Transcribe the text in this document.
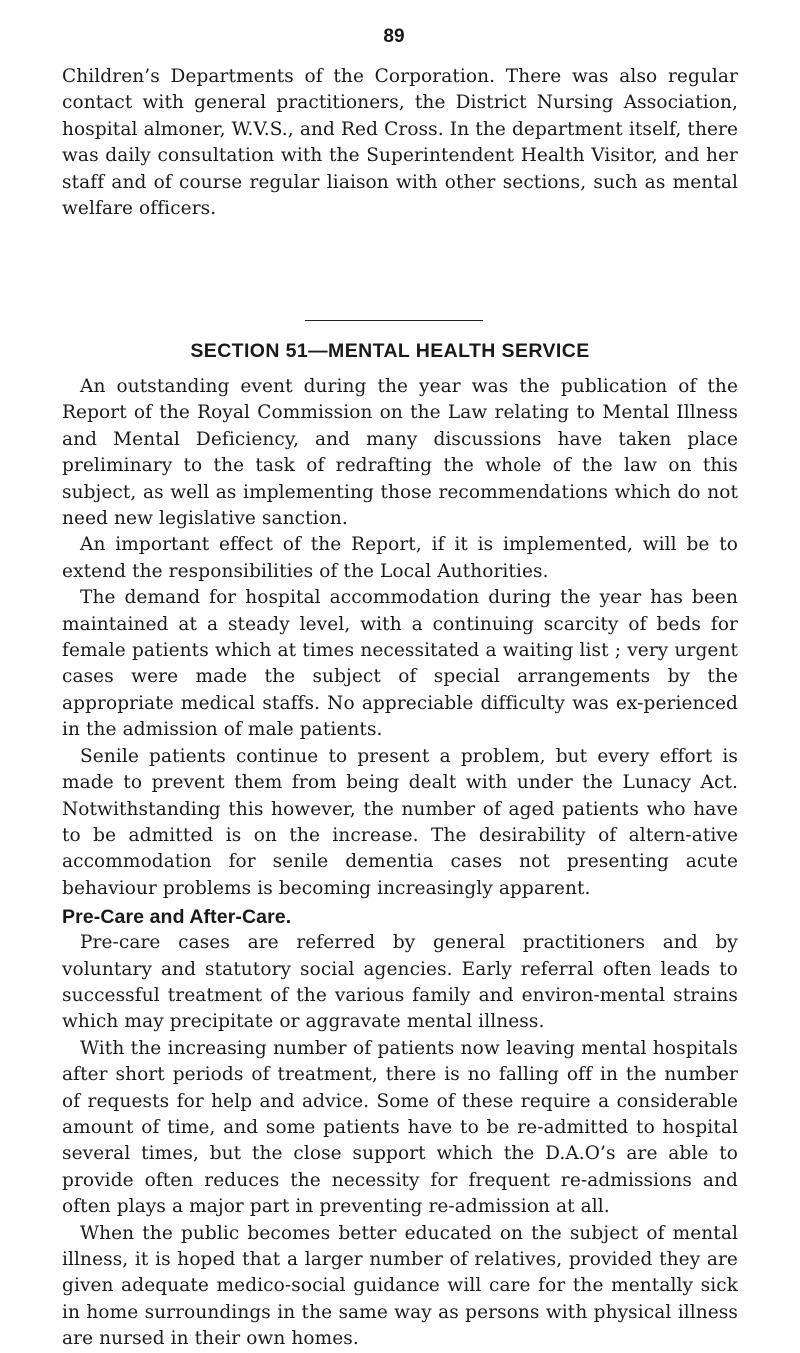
89

Children’s Departments of the Corporation. There was also regular contact with general practitioners, the District Nursing Association, hospital almoner, W.V.S., and Red Cross. In the department itself, there was daily consultation with the Superintendent Health Visitor, and her staff and of course regular liaison with other sections, such as mental welfare officers.

SECTION 51—MENTAL HEALTH SERVICE

An outstanding event during the year was the publication of the Report of the Royal Commission on the Law relating to Mental Illness and Mental Deficiency, and many discussions have taken place preliminary to the task of redrafting the whole of the law on this subject, as well as implementing those recommendations which do not need new legislative sanction.

An important effect of the Report, if it is implemented, will be to extend the responsibilities of the Local Authorities.

The demand for hospital accommodation during the year has been maintained at a steady level, with a continuing scarcity of beds for female patients which at times necessitated a waiting list ; very urgent cases were made the subject of special arrangements by the appropriate medical staffs. No appreciable difficulty was ex-perienced in the admission of male patients.

Senile patients continue to present a problem, but every effort is made to prevent them from being dealt with under the Lunacy Act. Notwithstanding this however, the number of aged patients who have to be admitted is on the increase. The desirability of altern-ative accommodation for senile dementia cases not presenting acute behaviour problems is becoming increasingly apparent.

Pre-Care and After-Care.

Pre-care cases are referred by general practitioners and by voluntary and statutory social agencies. Early referral often leads to successful treatment of the various family and environ-mental strains which may precipitate or aggravate mental illness.

With the increasing number of patients now leaving mental hospitals after short periods of treatment, there is no falling off in the number of requests for help and advice. Some of these require a considerable amount of time, and some patients have to be re-admitted to hospital several times, but the close support which the D.A.O’s are able to provide often reduces the necessity for frequent re-admissions and often plays a major part in preventing re-admission at all.

When the public becomes better educated on the subject of mental illness, it is hoped that a larger number of relatives, provided they are given adequate medico-social guidance will care for the mentally sick in home surroundings in the same way as persons with physical illness are nursed in their own homes.
